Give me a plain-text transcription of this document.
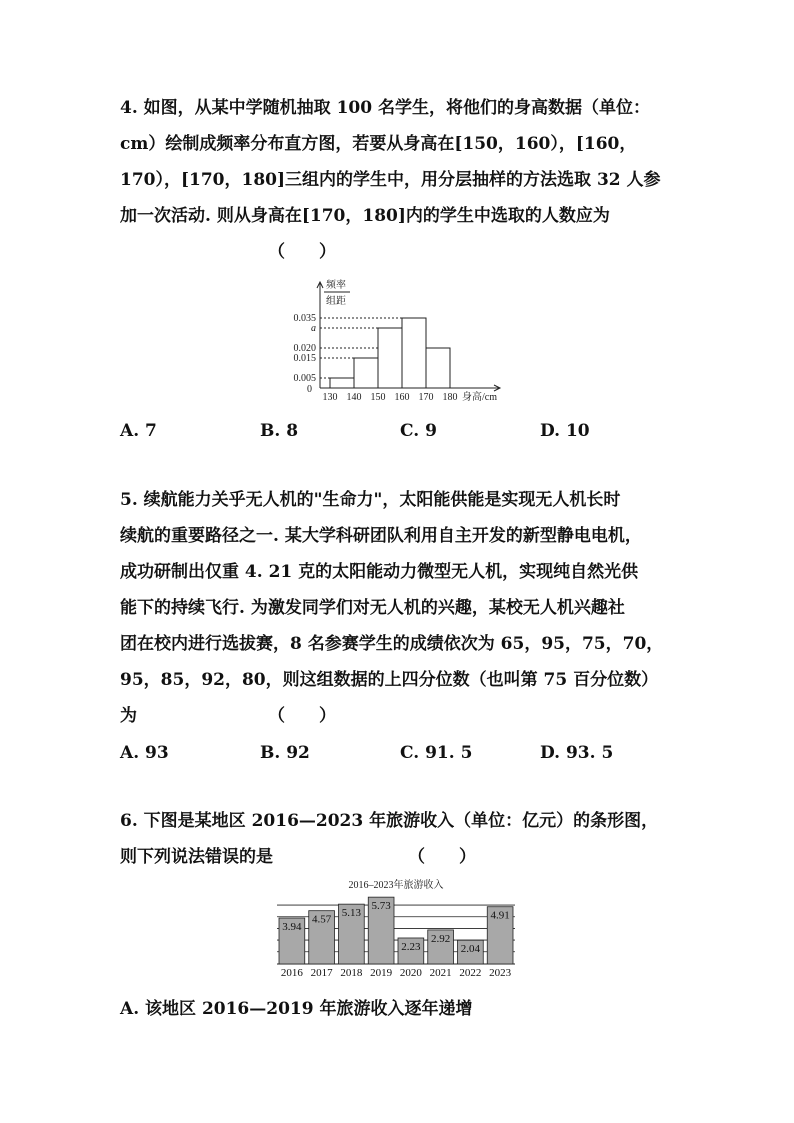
4. 如图，从某中学随机抽取 100 名学生，将他们的身高数据（单位：
cm）绘制成频率分布直方图，若要从身高在[150，160），[160，
170），[170，180]三组内的学生中，用分层抽样的方法选取 32 人参
加一次活动. 则从身高在[170，180]内的学生中选取的人数应为
（　　）
频率
组距
0.035
a
0.020
0.015
0.005
0
130 140 150 160 170 180 身高/cm
A. 7	B. 8	C. 9	D. 10
5. 续航能力关乎无人机的"生命力"，太阳能供能是实现无人机长时
续航的重要路径之一. 某大学科研团队利用自主开发的新型静电电机，
成功研制出仅重 4. 21 克的太阳能动力微型无人机，实现纯自然光供
能下的持续飞行. 为激发同学们对无人机的兴趣，某校无人机兴趣社
团在校内进行选拔赛，8 名参赛学生的成绩依次为 65，95，75，70，
95，85，92，80，则这组数据的上四分位数（也叫第 75 百分位数）
为	（　　）
A. 93	B. 92	C. 91. 5	D. 93. 5
6. 下图是某地区 2016—2023 年旅游收入（单位：亿元）的条形图，
则下列说法错误的是	（　　）
2016–2023年旅游收入
3.94
2016
4.57
2017
5.13
2018
5.73
2019
2.23
2020
2.92
2021
2.04
2022
4.91
2023
A. 该地区 2016—2019 年旅游收入逐年递增
